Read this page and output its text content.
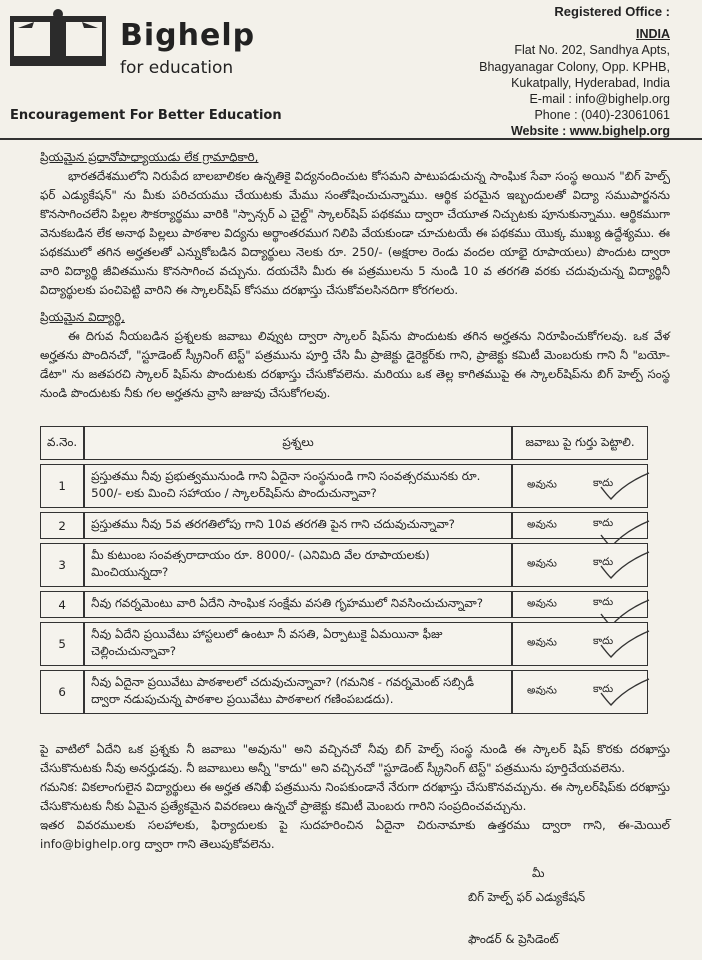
Bighelp
for education
Encouragement For Better Education
Registered Office :
INDIA
Flat No. 202, Sandhya Apts,
Bhagyanagar Colony, Opp. KPHB,
Kukatpally, Hyderabad, India
E-mail : info@bighelp.org
Phone : (040)-23061061
Website : www.bighelp.org

ప్రియమైన ప్రధానోపాధ్యాయుడు లేక గ్రామాధికారి,

భారతదేశములోని నిరుపేద బాలబాలికల ఉన్నతికై విద్యనందించుట కోసమని పాటుపడుచున్న సాంఘిక సేవా సంస్థ అయిన "బిగ్ హెల్ప్ ఫర్ ఎడ్యుకేషన్" ను మీకు పరిచయము చేయుటకు మేము సంతోషించుచున్నాము. ఆర్థిక పరమైన ఇబ్బందులతో విద్యా సముపార్జనను కొనసాగించలేని పిల్లల సౌకర్యార్థము వారికి "స్పాన్సర్ ఎ చైల్డ్" స్కాలర్‌షిప్ పథకము ద్వారా చేయూత నిచ్చుటకు పూనుకున్నాము. ఆర్థికముగా వెనుకబడిన లేక అనాథ పిల్లలు పాఠశాల విద్యను అర్థాంతరముగ నిలిపి వేయకుండా చూచుటయే ఈ పథకము యొక్క ముఖ్య ఉద్దేశ్యము. ఈ పథకములో తగిన అర్హతలతో ఎన్నుకోబడిన విద్యార్థులు నెలకు రూ. 250/- (అక్షరాల రెండు వందల యాభై రూపాయలు) పొందుట ద్వారా వారి విద్యార్థి జీవితమును కొనసాగించ వచ్చును. దయచేసి మీరు ఈ పత్రములను 5 నుండి 10 వ తరగతి వరకు చదువుచున్న విద్యార్థినీ విద్యార్థులకు పంచిపెట్టి వారిని ఈ స్కాలర్‌షిప్ కోసము దరఖాస్తు చేసుకోవలసినదిగా కోరగలరు.

ప్రియమైన విద్యార్థి,

ఈ దిగువ నీయబడిన ప్రశ్నలకు జవాబు లివ్వుట ద్వారా స్కాలర్ షిప్‌ను పొందుటకు తగిన అర్హతను నిరూపించుకోగలవు. ఒక వేళ అర్హతను పొందినచో, "స్టూడెంట్ స్క్రీనింగ్ టెస్ట్" పత్రమును పూర్తి చేసి మీ ప్రాజెక్టు డైరెక్టర్‌కు గాని, ప్రాజెక్టు కమిటీ మెంబరుకు గాని నీ "బయో-డేటా" ను జతపరచి స్కాలర్ షిప్‌ను పొందుటకు దరఖాస్తు చేసుకోవలెను. మరియు ఒక తెల్ల కాగితముపై ఈ స్కాలర్‌షిప్‌ను బిగ్ హెల్ప్ సంస్థ నుండి పొందుటకు నీకు గల అర్హతను వ్రాసి జుజువు చేసుకోగలవు.

వ.నెం.	ప్రశ్నలు	జవాబు పై గుర్తు పెట్టాలి.
1	ప్రస్తుతము నీవు ప్రభుత్వమునుండి గాని ఏదైనా సంస్థనుండి గాని సంవత్సరమునకు రూ. 500/- లకు మించి సహాయం / స్కాలర్‌షిప్‌ను పొందుచున్నావా?	అవును కాదు

2	ప్రస్తుతము నీవు 5వ తరగతిలోపు గాని 10వ తరగతి పైన గాని చదువుచున్నావా?	అవును కాదు

3	మీ కుటుంబ సంవత్సరాదాయం రూ. 8000/- (ఎనిమిది వేల రూపాయలకు) మించియున్నదా?	అవును కాదు

4	నీవు గవర్నమెంటు వారి ఏదేని సాంఘిక సంక్షేమ వసతి గృహములో నివసించుచున్నావా?	అవును కాదు

5	నీవు ఏదేని ప్రయివేటు హాస్టలులో ఉంటూ నీ వసతి, ఏర్పాటుకై ఏమయినా ఫీజు చెల్లించుచున్నావా?	అవును కాదు

6	నీవు ఏదైనా ప్రయివేటు పాఠశాలలో చదువుచున్నావా? (గమనిక - గవర్నమెంట్ సబ్సిడీ ద్వారా నడుపుచున్న పాఠశాల ప్రయివేటు పాఠశాలగ గణింపబడదు).	అవును కాదు

పై వాటిలో ఏదేని ఒక ప్రశ్నకు నీ జవాబు "అవును" అని వచ్చినచో నీవు బిగ్ హెల్ప్ సంస్థ నుండి ఈ స్కాలర్ షిప్ కొరకు దరఖాస్తు చేసుకొనుటకు నీవు అనర్హుడవు. నీ జవాబులు అన్నీ "కాదు" అని వచ్చినచో "స్టూడెంట్ స్క్రీనింగ్ టెస్ట్" పత్రమును పూర్తిచేయవలెను.

గమనిక: వికలాంగులైన విద్యార్థులు ఈ అర్హత తనిఖీ పత్రమును నింపకుండానే నేరుగా దరఖాస్తు చేసుకొనవచ్చును. ఈ స్కాలర్‌షిప్‌కు దరఖాస్తు చేసుకొనుటకు నీకు ఏమైన ప్రత్యేకమైన వివరణలు ఉన్నచో ప్రాజెక్టు కమిటీ మెంబరు గారిని సంప్రదించవచ్చును.

ఇతర వివరములకు సలహాలకు, ఫిర్యాదులకు పై సుదహరించిన ఏదైనా చిరునామాకు ఉత్తరము ద్వారా గాని, ఈ-మెయిల్ info@bighelp.org ద్వారా గాని తెలుపుకోవలెను.

మీ
బిగ్ హెల్ప్ ఫర్ ఎడ్యుకేషన్
ఫౌండర్ & ప్రెసిడెంట్
